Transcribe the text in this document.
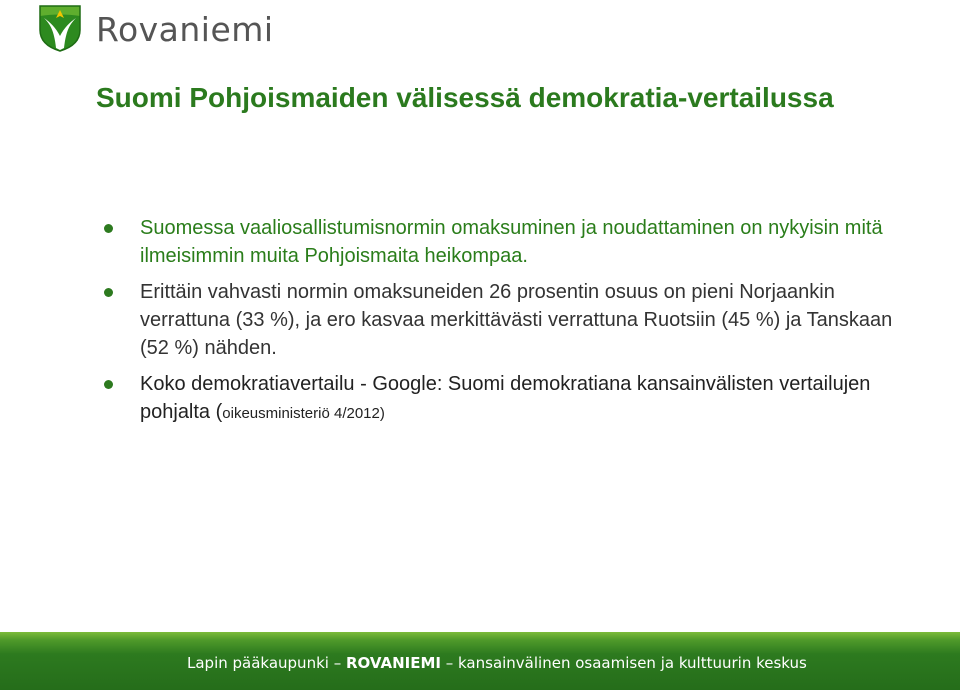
Rovaniemi
Suomi Pohjoismaiden välisessä demokratia-vertailussa
Suomessa vaaliosallistumisnormin omaksuminen ja noudattaminen on nykyisin mitä ilmeisimmin muita Pohjoismaita heikompaa.
Erittäin vahvasti normin omaksuneiden 26 prosentin osuus on pieni Norjaankin verrattuna (33 %), ja ero kasvaa merkittävästi verrattuna Ruotsiin (45 %) ja Tanskaan (52 %) nähden.
Koko demokratiavertailu - Google: Suomi demokratiana kansainvälisten vertailujen pohjalta (oikeusministeriö 4/2012)
Lapin pääkaupunki – ROVANIEMI – kansainvälinen osaamisen ja kulttuurin keskus
